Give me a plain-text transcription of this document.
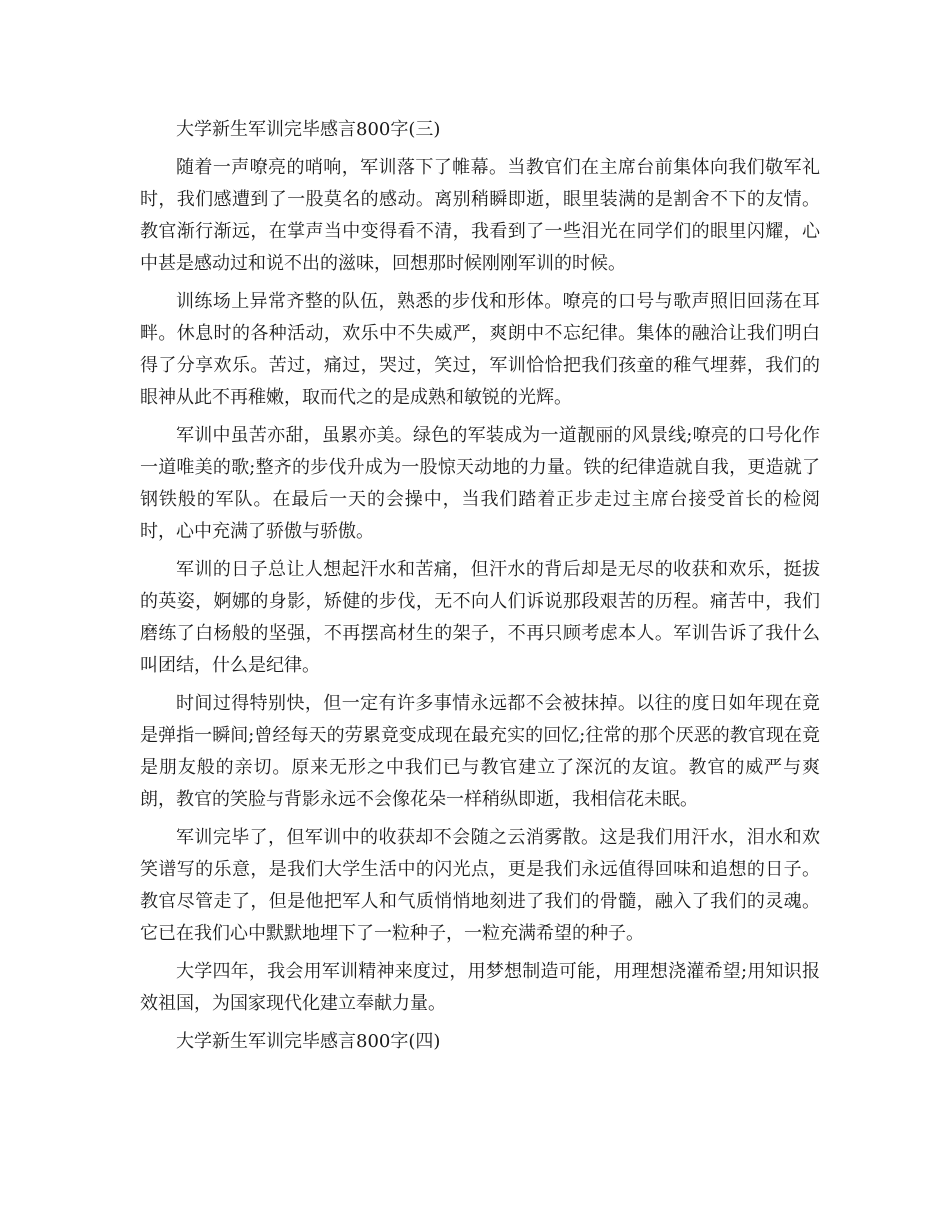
大学新生军训完毕感言800字(三)

随着一声嘹亮的哨响，军训落下了帷幕。当教官们在主席台前集体向我们敬军礼时，我们感遭到了一股莫名的感动。离别稍瞬即逝，眼里装满的是割舍不下的友情。教官渐行渐远，在掌声当中变得看不清，我看到了一些泪光在同学们的眼里闪耀，心中甚是感动过和说不出的滋味，回想那时候刚刚军训的时候。

训练场上异常齐整的队伍，熟悉的步伐和形体。嘹亮的口号与歌声照旧回荡在耳畔。休息时的各种活动，欢乐中不失威严，爽朗中不忘纪律。集体的融洽让我们明白得了分享欢乐。苦过，痛过，哭过，笑过，军训恰恰把我们孩童的稚气埋葬，我们的眼神从此不再稚嫩，取而代之的是成熟和敏锐的光辉。

军训中虽苦亦甜，虽累亦美。绿色的军装成为一道靓丽的风景线;嘹亮的口号化作一道唯美的歌;整齐的步伐升成为一股惊天动地的力量。铁的纪律造就自我，更造就了钢铁般的军队。在最后一天的会操中，当我们踏着正步走过主席台接受首长的检阅时，心中充满了骄傲与骄傲。

军训的日子总让人想起汗水和苦痛，但汗水的背后却是无尽的收获和欢乐，挺拔的英姿，婀娜的身影，矫健的步伐，无不向人们诉说那段艰苦的历程。痛苦中，我们磨练了白杨般的坚强，不再摆高材生的架子，不再只顾考虑本人。军训告诉了我什么叫团结，什么是纪律。

时间过得特别快，但一定有许多事情永远都不会被抹掉。以往的度日如年现在竟是弹指一瞬间;曾经每天的劳累竟变成现在最充实的回忆;往常的那个厌恶的教官现在竟是朋友般的亲切。原来无形之中我们已与教官建立了深沉的友谊。教官的威严与爽朗，教官的笑脸与背影永远不会像花朵一样稍纵即逝，我相信花未眠。

军训完毕了，但军训中的收获却不会随之云消雾散。这是我们用汗水，泪水和欢笑谱写的乐意，是我们大学生活中的闪光点，更是我们永远值得回味和追想的日子。教官尽管走了，但是他把军人和气质悄悄地刻进了我们的骨髓，融入了我们的灵魂。它已在我们心中默默地埋下了一粒种子，一粒充满希望的种子。

大学四年，我会用军训精神来度过，用梦想制造可能，用理想浇灌希望;用知识报效祖国，为国家现代化建立奉献力量。

大学新生军训完毕感言800字(四)
